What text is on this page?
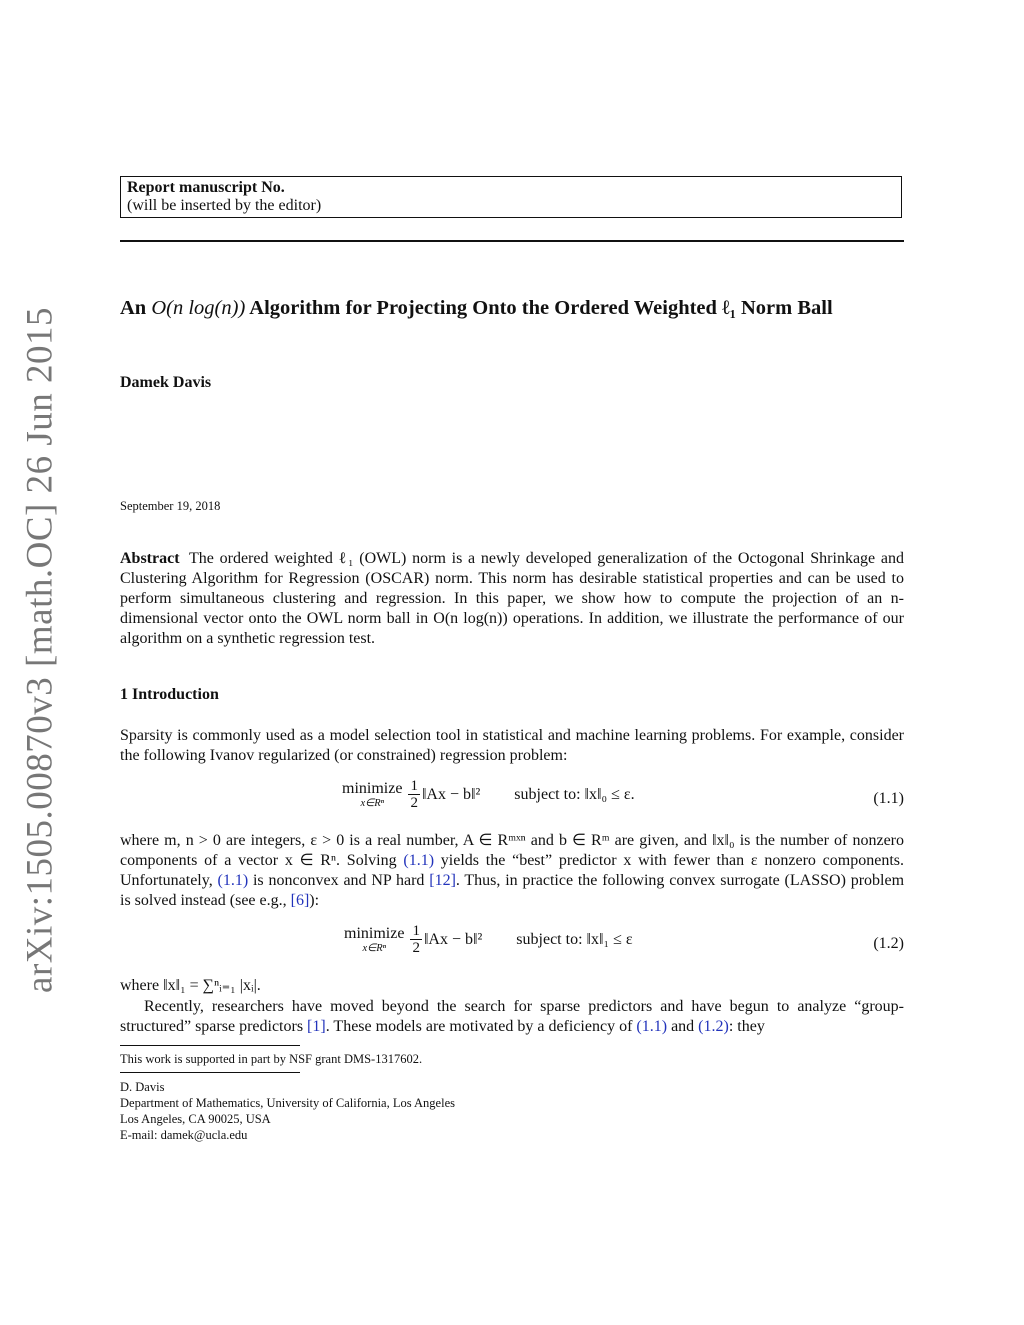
arXiv:1505.00870v3 [math.OC] 26 Jun 2015
Report manuscript No.
(will be inserted by the editor)
An O(n log(n)) Algorithm for Projecting Onto the Ordered Weighted ℓ₁ Norm Ball
Damek Davis
September 19, 2018
Abstract The ordered weighted ℓ₁ (OWL) norm is a newly developed generalization of the Octogonal Shrinkage and Clustering Algorithm for Regression (OSCAR) norm. This norm has desirable statistical properties and can be used to perform simultaneous clustering and regression. In this paper, we show how to compute the projection of an n-dimensional vector onto the OWL norm ball in O(n log(n)) operations. In addition, we illustrate the performance of our algorithm on a synthetic regression test.
1 Introduction
Sparsity is commonly used as a model selection tool in statistical and machine learning problems. For example, consider the following Ivanov regularized (or constrained) regression problem:
minimize
x∈Rⁿ $\frac{1}{2}$ ‖Ax − b‖² subject to: ‖x‖₀ ≤ ε.	(1.1)
where m, n > 0 are integers, ε > 0 is a real number, A ∈ Rᵐˣⁿ and b ∈ Rᵐ are given, and ‖x‖₀ is the number of nonzero components of a vector x ∈ Rⁿ. Solving (1.1) yields the “best” predictor x with fewer than ε nonzero components. Unfortunately, (1.1) is nonconvex and NP hard [12]. Thus, in practice the following convex surrogate (LASSO) problem is solved instead (see e.g., [6]):
minimize
x∈Rⁿ $\frac{1}{2}$ ‖Ax − b‖² subject to: ‖x‖₁ ≤ ε	(1.2)
where ‖x‖₁ = ∑ⁿᵢ₌₁ |xᵢ|.
Recently, researchers have moved beyond the search for sparse predictors and have begun to analyze “group-structured” sparse predictors [1]. These models are motivated by a deficiency of (1.1) and (1.2): they
This work is supported in part by NSF grant DMS-1317602.
D. Davis
Department of Mathematics, University of California, Los Angeles
Los Angeles, CA 90025, USA
E-mail: damek@ucla.edu
